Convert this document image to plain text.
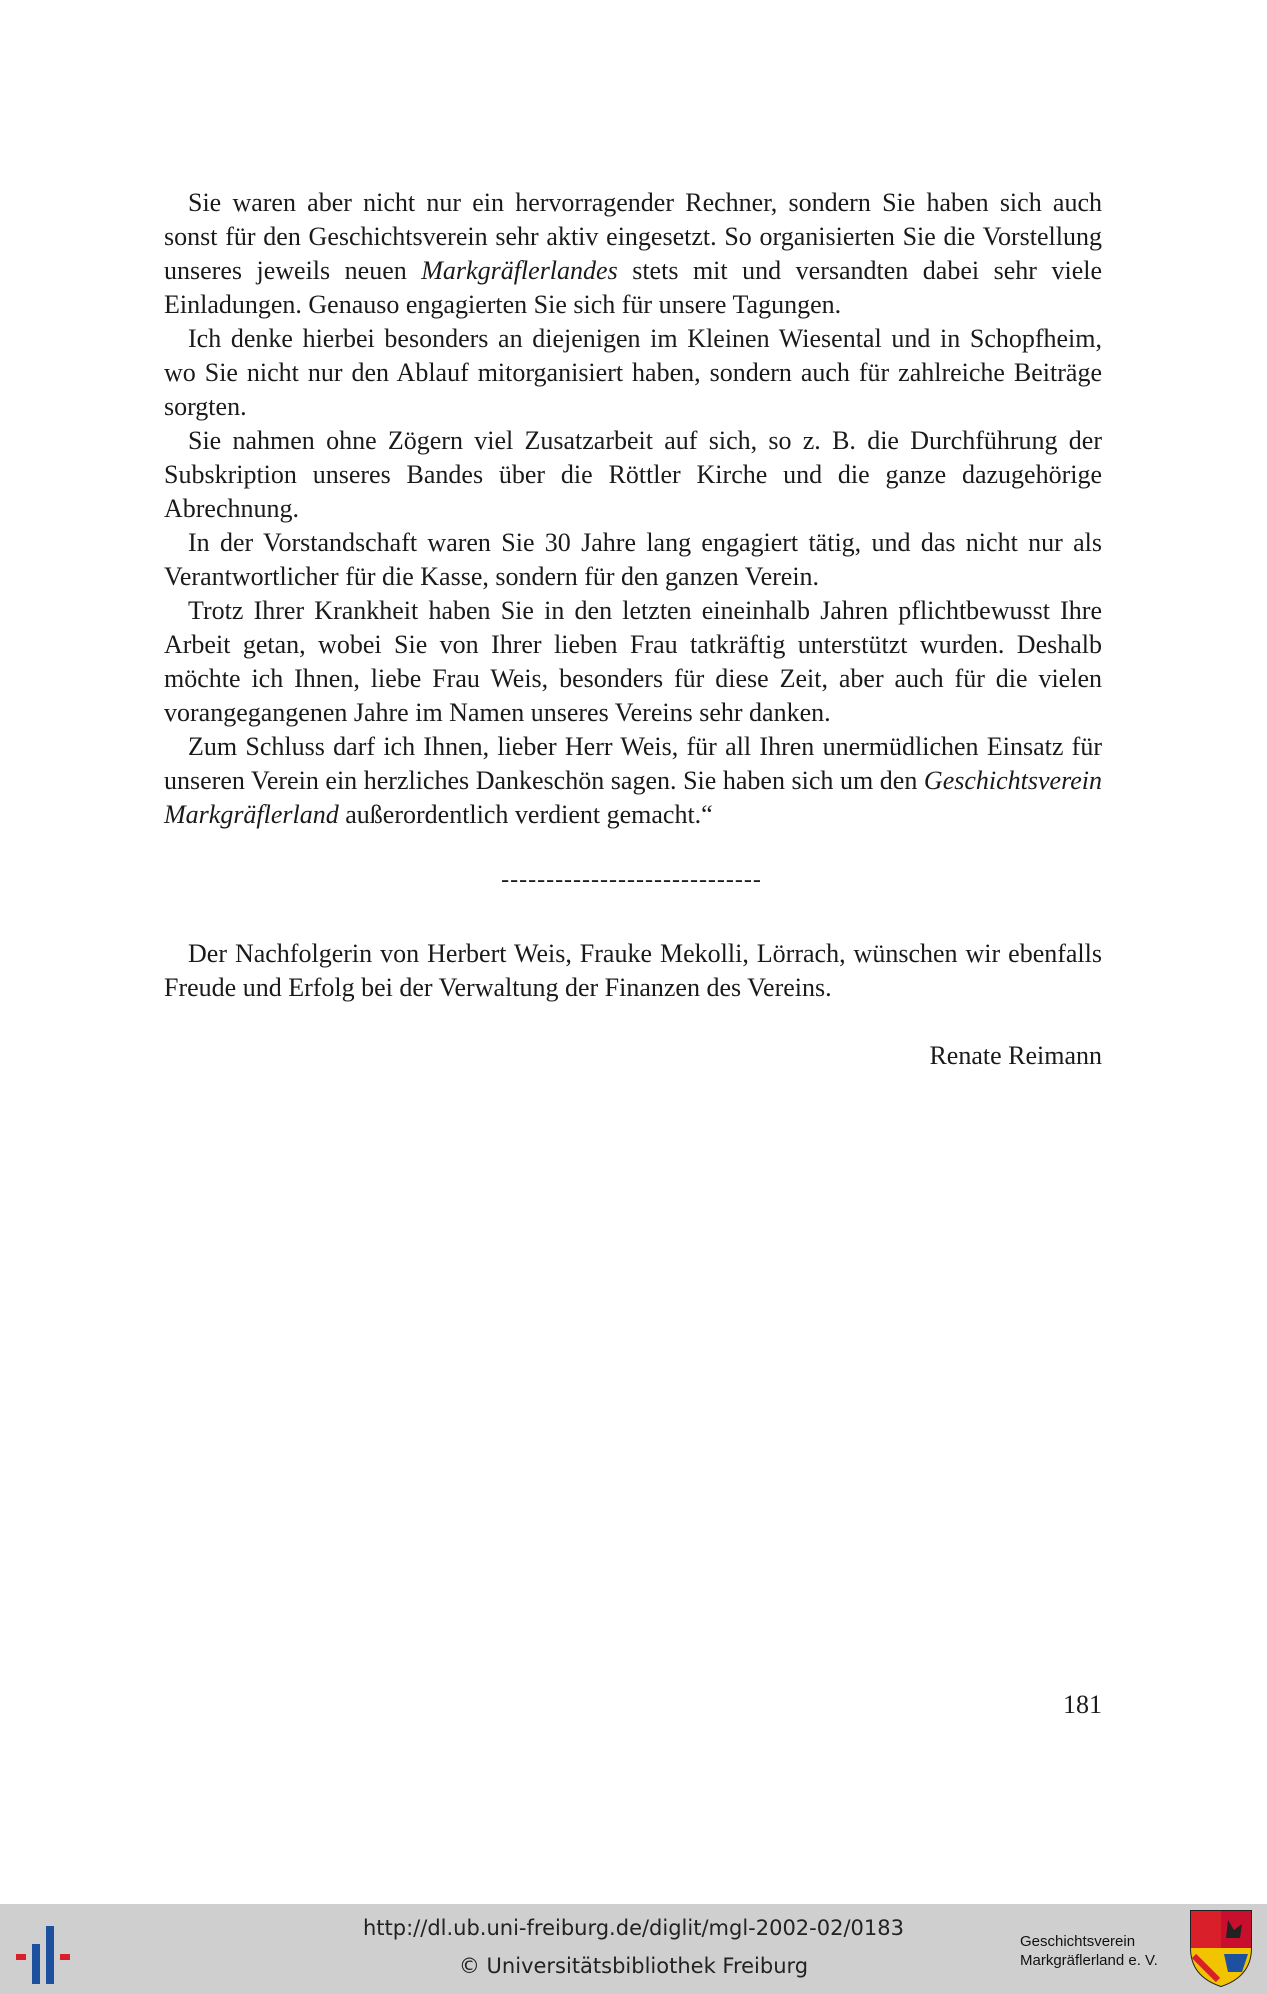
Sie waren aber nicht nur ein hervorragender Rechner, sondern Sie haben sich auch sonst für den Geschichtsverein sehr aktiv eingesetzt. So organisierten Sie die Vorstellung unseres jeweils neuen Markgräflerlandes stets mit und versandten dabei sehr viele Einladungen. Genauso engagierten Sie sich für unsere Tagungen.

Ich denke hierbei besonders an diejenigen im Kleinen Wiesental und in Schopfheim, wo Sie nicht nur den Ablauf mitorganisiert haben, sondern auch für zahlreiche Beiträge sorgten.

Sie nahmen ohne Zögern viel Zusatzarbeit auf sich, so z. B. die Durchführung der Subskription unseres Bandes über die Röttler Kirche und die ganze dazugehörige Abrechnung.

In der Vorstandschaft waren Sie 30 Jahre lang engagiert tätig, und das nicht nur als Verantwortlicher für die Kasse, sondern für den ganzen Verein.

Trotz Ihrer Krankheit haben Sie in den letzten eineinhalb Jahren pflichtbewusst Ihre Arbeit getan, wobei Sie von Ihrer lieben Frau tatkräftig unterstützt wurden. Deshalb möchte ich Ihnen, liebe Frau Weis, besonders für diese Zeit, aber auch für die vielen vorangegangenen Jahre im Namen unseres Vereins sehr danken.

Zum Schluss darf ich Ihnen, lieber Herr Weis, für all Ihren unermüdlichen Einsatz für unseren Verein ein herzliches Dankeschön sagen. Sie haben sich um den Geschichtsverein Markgräflerland außerordentlich verdient gemacht.“

-----------------------------

Der Nachfolgerin von Herbert Weis, Frauke Mekolli, Lörrach, wünschen wir ebenfalls Freude und Erfolg bei der Verwaltung der Finanzen des Vereins.

Renate Reimann
181
http://dl.ub.uni-freiburg.de/diglit/mgl-2002-02/0183
© Universitätsbibliothek Freiburg
Geschichtsverein
Markgräflerland e. V.
